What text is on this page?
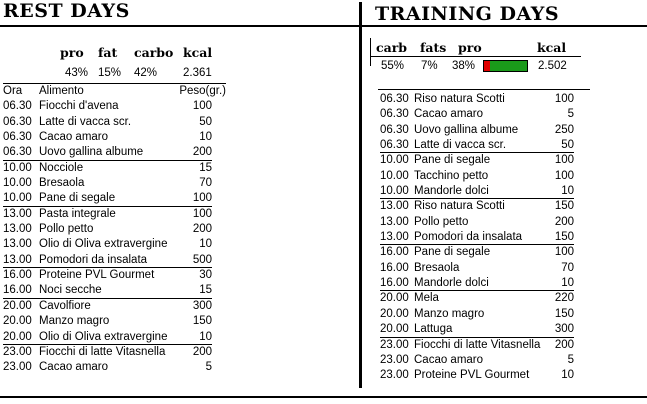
REST DAYS
pro fat carbo kcal
43% 15% 42% 2.361
Ora Alimento	Peso(gr.)
06.30 Fiocchi d'avena	100
06.30 Latte di vacca scr.	50
06.30 Cacao amaro	10
06.30 Uovo gallina albume	200
10.00 Nocciole	15
10.00 Bresaola	70
10.00 Pane di segale	100
13.00 Pasta integrale	100
13.00 Pollo petto	200
13.00 Olio di Oliva extravergine	10
13.00 Pomodori da insalata	500
16.00 Proteine PVL Gourmet	30
16.00 Noci secche	15
20.00 Cavolfiore	300
20.00 Manzo magro	150
20.00 Olio di Oliva extravergine	10
23.00 Fiocchi di latte Vitasnella 200
23.00 Cacao amaro	5
TRAINING DAYS
carb fats pro	kcal
55% 7% 38%	2.502
06.30 Riso natura Scotti	100
06.30 Cacao amaro	5
06.30 Uovo gallina albume	250
06.30 Latte di vacca scr.	50
10.00 Pane di segale	100
10.00 Tacchino petto	100
10.00 Mandorle dolci	10
13.00 Riso natura Scotti	150
13.00 Pollo petto	200
13.00 Pomodori da insalata	150
16.00 Pane di segale	100
16.00 Bresaola	70
16.00 Mandorle dolci	10
20.00 Mela	220
20.00 Manzo magro	150
20.00 Lattuga	300
23.00 Fiocchi di latte Vitasnella 200
23.00 Cacao amaro	5
23.00 Proteine PVL Gourmet	10
